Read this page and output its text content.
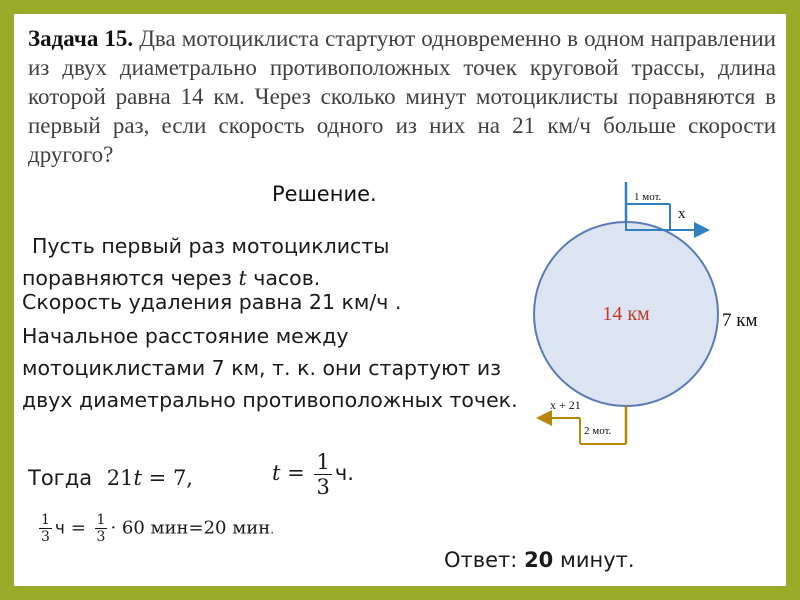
Задача 15. Два мотоциклиста стартуют одновременно в одном направлении из двух диаметрально противоположных точек круговой трассы, длина которой равна 14 км. Через сколько минут мотоциклисты поравняются в первый раз, если скорость одного из них на 21 км/ч больше скорости другого?
Решение.
Пусть первый раз мотоциклисты поравняются через t часов.
Скорость удаления равна 21 км/ч .
Начальное расстояние между мотоциклистами 7 км, т. к. они стартуют из двух диаметрально противоположных точек.
Тогда 21t = 7,	$t = \frac{1}{3} ч$.
$\frac{1}{3}$ $ч = \frac{1}{3} \cdot 60$ мин=20 мин.
Ответ: 20 минут.
14 км	7 км
1 мот.
x
2 мот.
x + 21
